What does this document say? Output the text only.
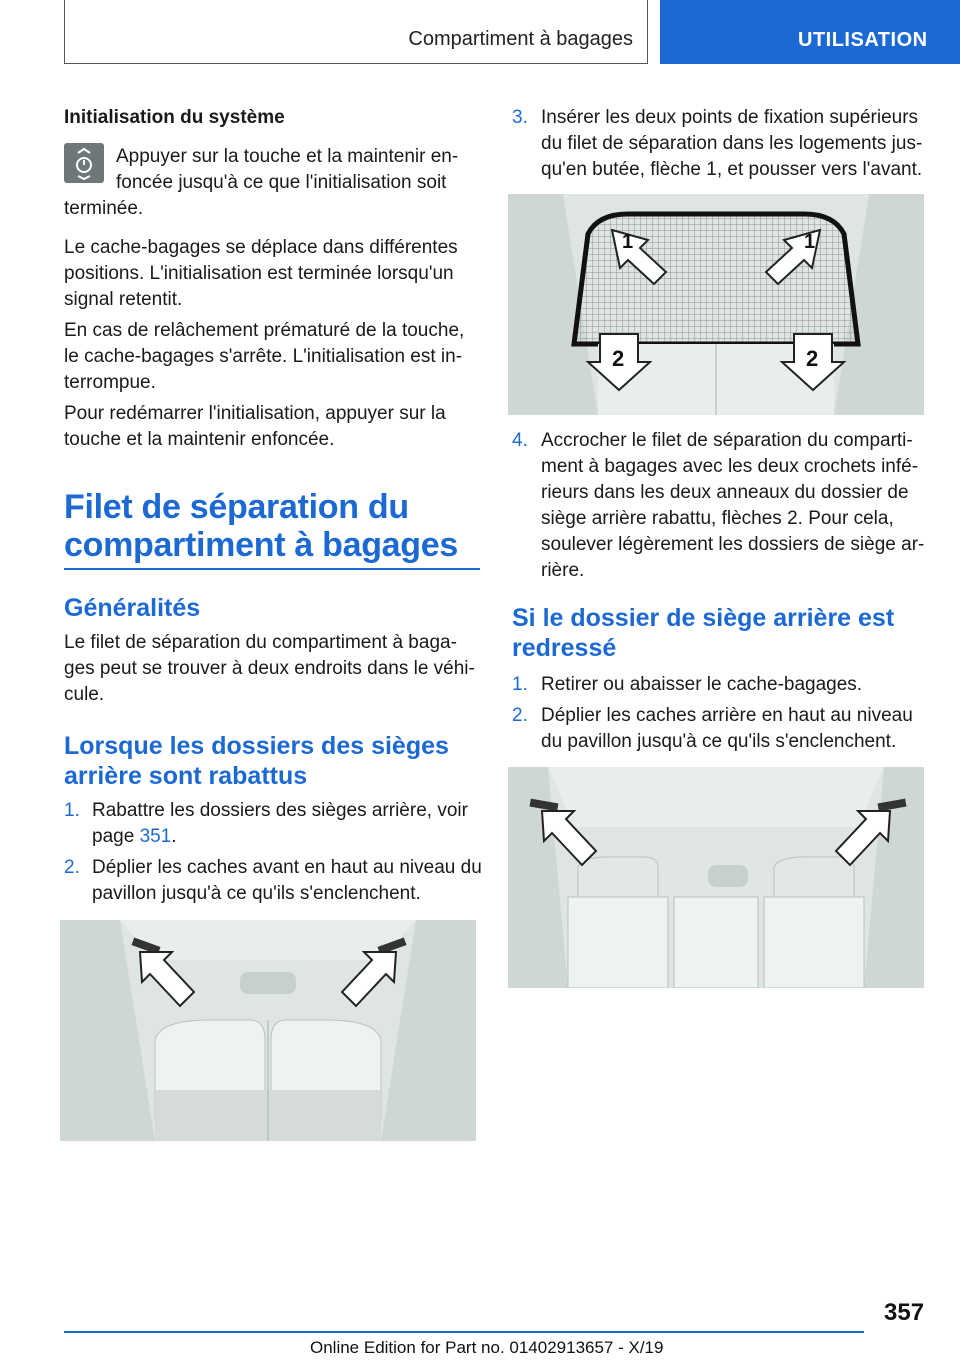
Compartiment à bagages	UTILISATION

Initialisation du système

Appuyer sur la touche et la maintenir en‐

foncée jusqu'à ce que l'initialisation soit

terminée.

Le cache-bagages se déplace dans différentes

positions. L'initialisation est terminée lorsqu'un

signal retentit.

En cas de relâchement prématuré de la touche,

le cache-bagages s'arrête. L'initialisation est in‐

terrompue.

Pour redémarrer l'initialisation, appuyer sur la

touche et la maintenir enfoncée.

Filet de séparation du
compartiment à bagages
Généralités

Le filet de séparation du compartiment à baga‐

ges peut se trouver à deux endroits dans le véhi‐

cule.

Lorsque les dossiers des sièges
arrière sont rabattus
1. Rabattre les dossiers des sièges arrière, voir

page 351.

2. Déplier les caches avant en haut au niveau du

pavillon jusqu'à ce qu'ils s'enclenchent.

3. Insérer les deux points de fixation supérieurs

du filet de séparation dans les logements jus‐

qu'en butée, flèche 1, et pousser vers l'avant.

1	1
2	2
4. Accrocher le filet de séparation du comparti‐

ment à bagages avec les deux crochets infé‐

rieurs dans les deux anneaux du dossier de

siège arrière rabattu, flèches 2. Pour cela,

soulever légèrement les dossiers de siège ar‐

rière.

Si le dossier de siège arrière est
redressé
1. Retirer ou abaisser le cache-bagages.

2. Déplier les caches arrière en haut au niveau

du pavillon jusqu'à ce qu'ils s'enclenchent.

357
Online Edition for Part no. 01402913657 - X/19
